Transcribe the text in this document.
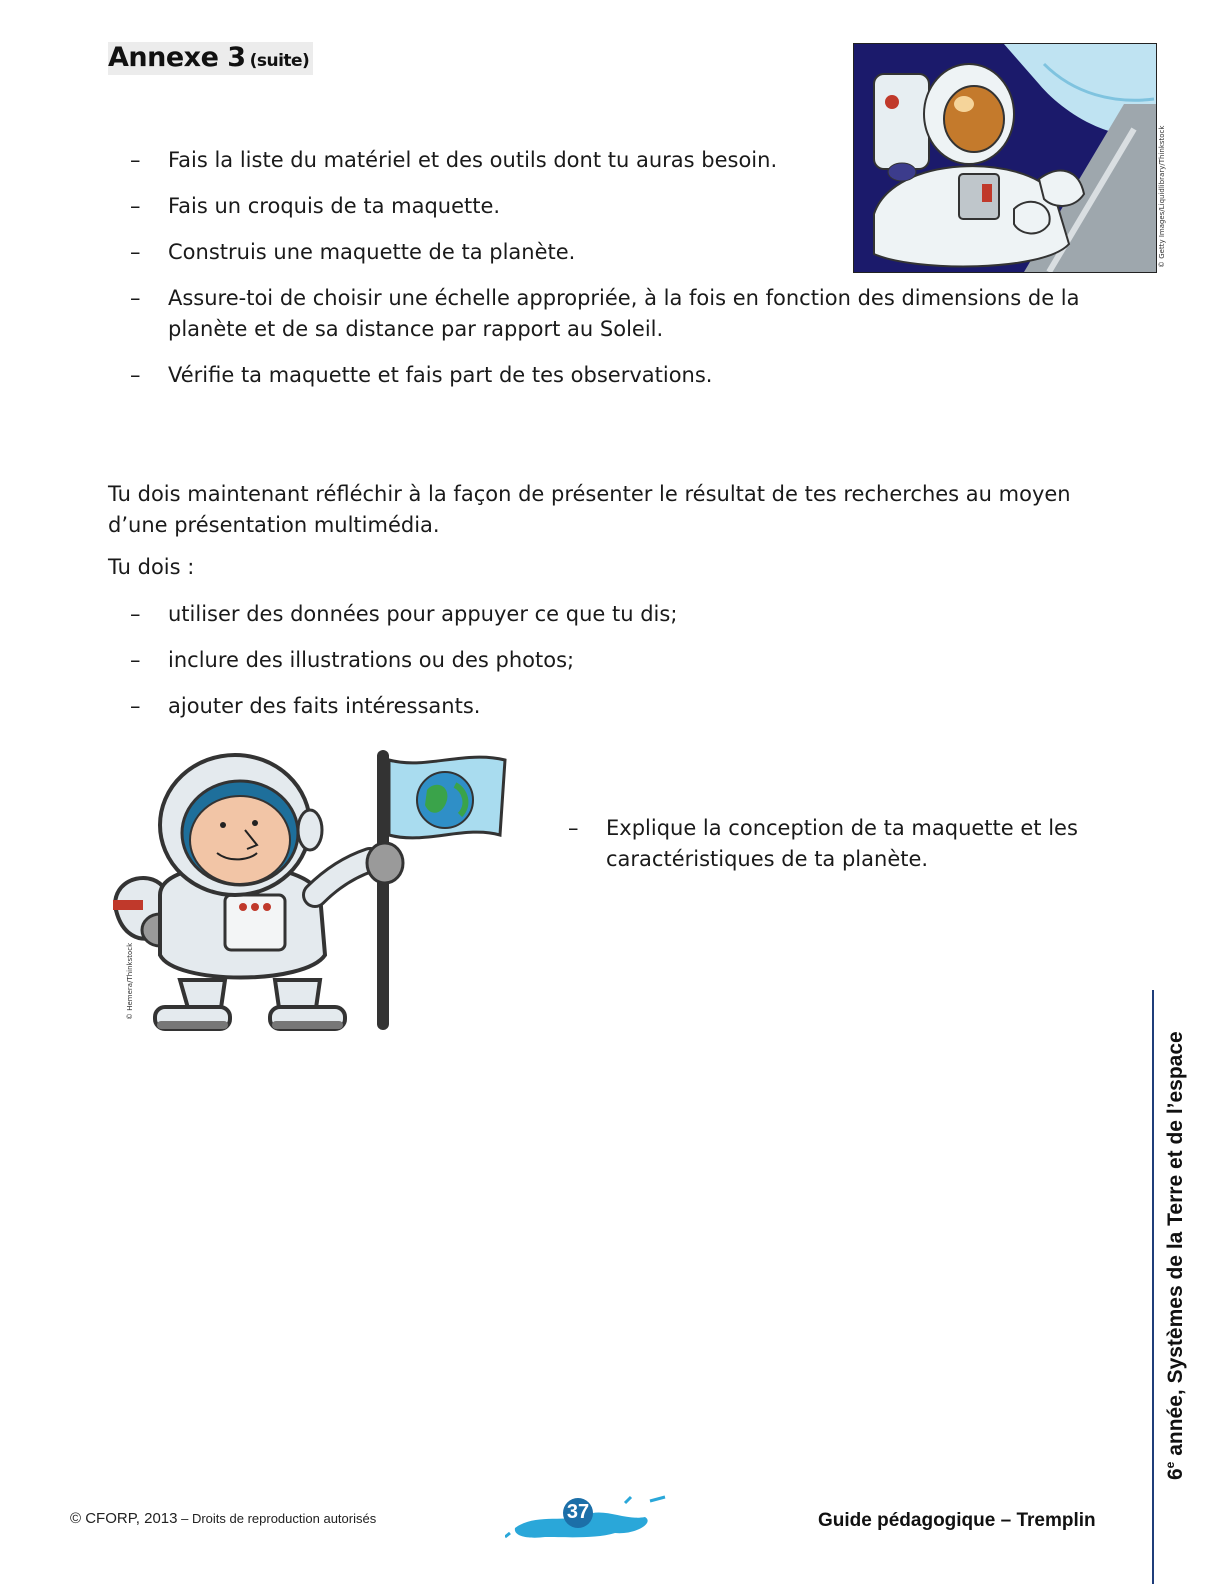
Annexe 3 (suite)
© Getty Images/Liquidlibrary/Thinkstock
– Fais la liste du matériel et des outils dont tu auras besoin.
– Fais un croquis de ta maquette.
– Construis une maquette de ta planète.
– Assure-toi de choisir une échelle appropriée, à la fois en fonction des dimensions de la planète et de sa distance par rapport au Soleil.
– Vérifie ta maquette et fais part de tes observations.

Tu dois maintenant réfléchir à la façon de présenter le résultat de tes recherches au moyen d’une présentation multimédia.

Tu dois :

– utiliser des données pour appuyer ce que tu dis;
– inclure des illustrations ou des photos;
– ajouter des faits intéressants.
© Hemera/Thinkstock
– Explique la conception de ta maquette et les caractéristiques de ta planète.
6e année, Systèmes de la Terre et de l’espace
© CFORP, 2013 – Droits de reproduction autorisés	37	Guide pédagogique – Tremplin
